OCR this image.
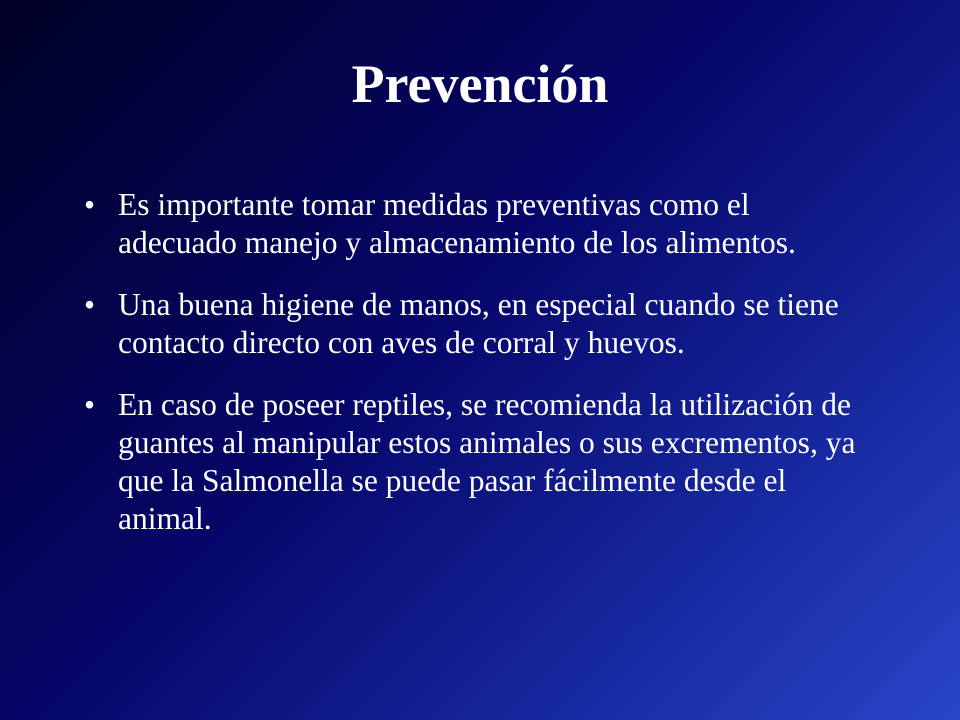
Prevención
• Es importante tomar medidas preventivas como el adecuado manejo y almacenamiento de los alimentos.
• Una buena higiene de manos, en especial cuando se tiene contacto directo con aves de corral y huevos.
• En caso de poseer reptiles, se recomienda la utilización de guantes al manipular estos animales o sus excrementos, ya que la Salmonella se puede pasar fácilmente desde el animal.
